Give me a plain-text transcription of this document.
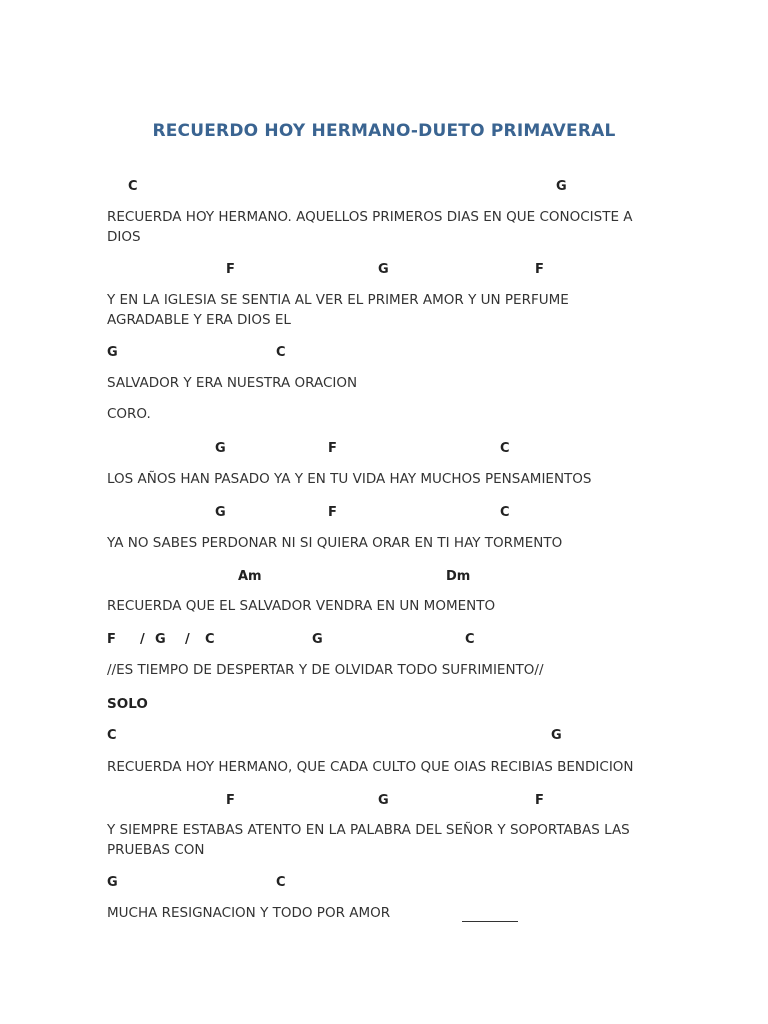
RECUERDO HOY HERMANO-DUETO PRIMAVERAL
C	G
RECUERDA HOY HERMANO. AQUELLOS PRIMEROS DIAS EN QUE CONOCISTE A DIOS
F	G	F
Y EN LA IGLESIA SE SENTIA AL VER EL PRIMER AMOR Y UN PERFUME AGRADABLE Y ERA DIOS EL
G	C
SALVADOR Y ERA NUESTRA ORACION
CORO.
G	F	C
LOS AÑOS HAN PASADO YA Y EN TU VIDA HAY MUCHOS PENSAMIENTOS
G	F	C
YA NO SABES PERDONAR NI SI QUIERA ORAR EN TI HAY TORMENTO
Am	Dm
RECUERDA QUE EL SALVADOR VENDRA EN UN MOMENTO
F / G / C	G	C
//ES TIEMPO DE DESPERTAR Y DE OLVIDAR TODO SUFRIMIENTO//
SOLO
C	G
RECUERDA HOY HERMANO, QUE CADA CULTO QUE OIAS RECIBIAS BENDICION
F	G	F
Y SIEMPRE ESTABAS ATENTO EN LA PALABRA DEL SEÑOR Y SOPORTABAS LAS PRUEBAS CON
G	C
MUCHA RESIGNACION Y TODO POR AMOR
